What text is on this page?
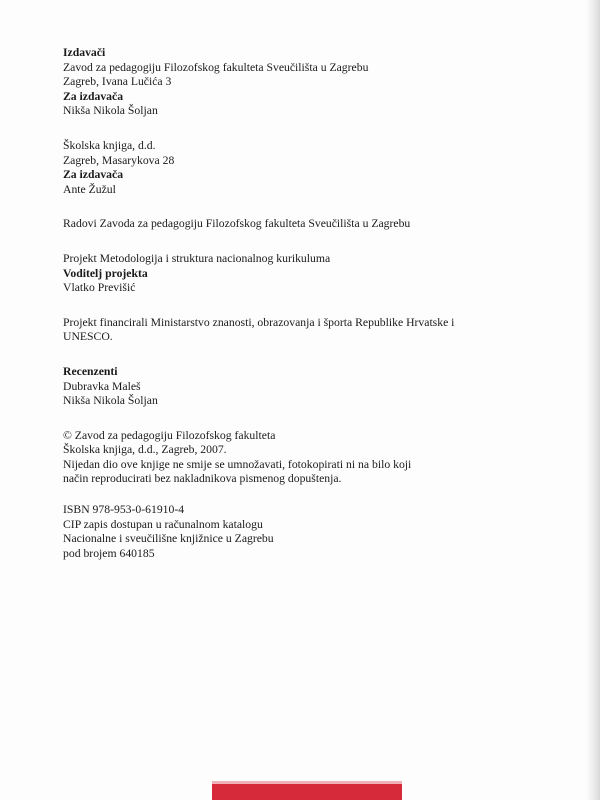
Izdavači
Zavod za pedagogiju Filozofskog fakulteta Sveučilišta u Zagrebu
Zagreb, Ivana Lučića 3
Za izdavača
Nikša Nikola Šoljan
Školska knjiga, d.d.
Zagreb, Masarykova 28
Za izdavača
Ante Žužul
Radovi Zavoda za pedagogiju Filozofskog fakulteta Sveučilišta u Zagrebu
Projekt Metodologija i struktura nacionalnog kurikuluma
Voditelj projekta
Vlatko Previšić
Projekt financirali Ministarstvo znanosti, obrazovanja i športa Republike Hrvatske i UNESCO.
Recenzenti
Dubravka Maleš
Nikša Nikola Šoljan
© Zavod za pedagogiju Filozofskog fakulteta
Školska knjiga, d.d., Zagreb, 2007.
Nijedan dio ove knjige ne smije se umnožavati, fotokopirati ni na bilo koji
način reproducirati bez nakladnikova pismenog dopuštenja.
ISBN 978-953-0-61910-4
CIP zapis dostupan u računalnom katalogu
Nacionalne i sveučilišne knjižnice u Zagrebu
pod brojem 640185
